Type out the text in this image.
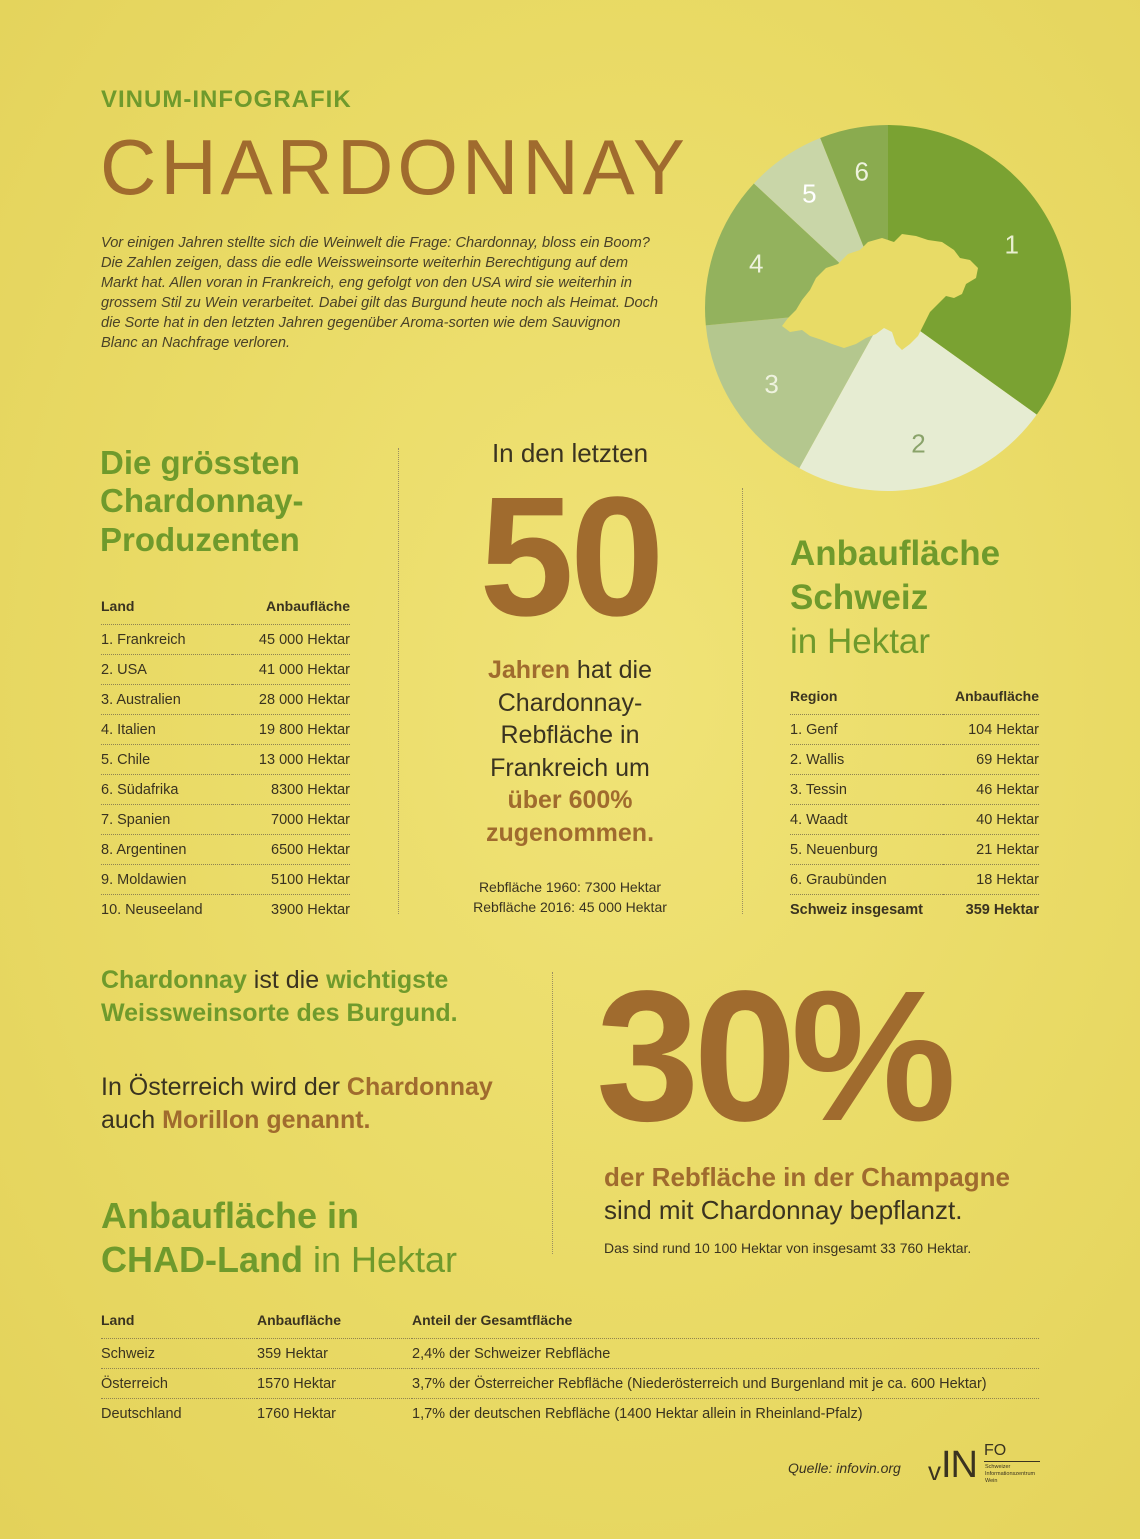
VINUM-INFOGRAFIK
CHARDONNAY
Vor einigen Jahren stellte sich die Weinwelt die Frage: Chardonnay, bloss ein Boom? Die Zahlen zeigen, dass die edle Weissweinsorte weiterhin Berechtigung auf dem Markt hat. Allen voran in Frankreich, eng gefolgt von den USA wird sie weiterhin in grossem Stil zu Wein verarbeitet. Dabei gilt das Burgund heute noch als Heimat. Doch die Sorte hat in den letzten Jahren gegenüber Aroma-sorten wie dem Sauvignon Blanc an Nachfrage verloren.
1
2
3
4
5
6
Die grössten
Chardonnay-
Produzenten
Land	Anbaufläche
1. Frankreich	45 000 Hektar
2. USA	41 000 Hektar
3. Australien	28 000 Hektar
4. Italien	19 800 Hektar
5. Chile	13 000 Hektar
6. Südafrika	8300 Hektar
7. Spanien	7000 Hektar
8. Argentinen	6500 Hektar
9. Moldawien	5100 Hektar
10. Neuseeland	3900 Hektar
In den letzten
50
Jahren hat die
Chardonnay-
Rebfläche in
Frankreich um
über 600%
zugenommen.
Rebfläche 1960: 7300 Hektar
Rebfläche 2016: 45 000 Hektar
Anbaufläche
Schweiz
in Hektar
Region	Anbaufläche
1. Genf	104 Hektar
2. Wallis	69 Hektar
3. Tessin	46 Hektar
4. Waadt	40 Hektar
5. Neuenburg	21 Hektar
6. Graubünden	18 Hektar
Schweiz insgesamt	359 Hektar
Chardonnay ist die wichtigste
Weissweinsorte des Burgund.
In Österreich wird der Chardonnay
auch Morillon genannt.	30%
der Rebfläche in der Champagne
sind mit Chardonnay bepflanzt.
Das sind rund 10 100 Hektar von insgesamt 33 760 Hektar.
Anbaufläche in
CHAD-Land in Hektar
Land	Anbaufläche	Anteil der Gesamtfläche
Schweiz	359 Hektar	2,4% der Schweizer Rebfläche
Österreich	1570 Hektar	3,7% der Österreicher Rebfläche (Niederösterreich und Burgenland mit je ca. 600 Hektar)
Deutschland	1760 Hektar	1,7% der deutschen Rebfläche (1400 Hektar allein in Rheinland-Pfalz)
Quelle: infovin.org v IN FO
Schweizer
Informationszentrum
Wein
